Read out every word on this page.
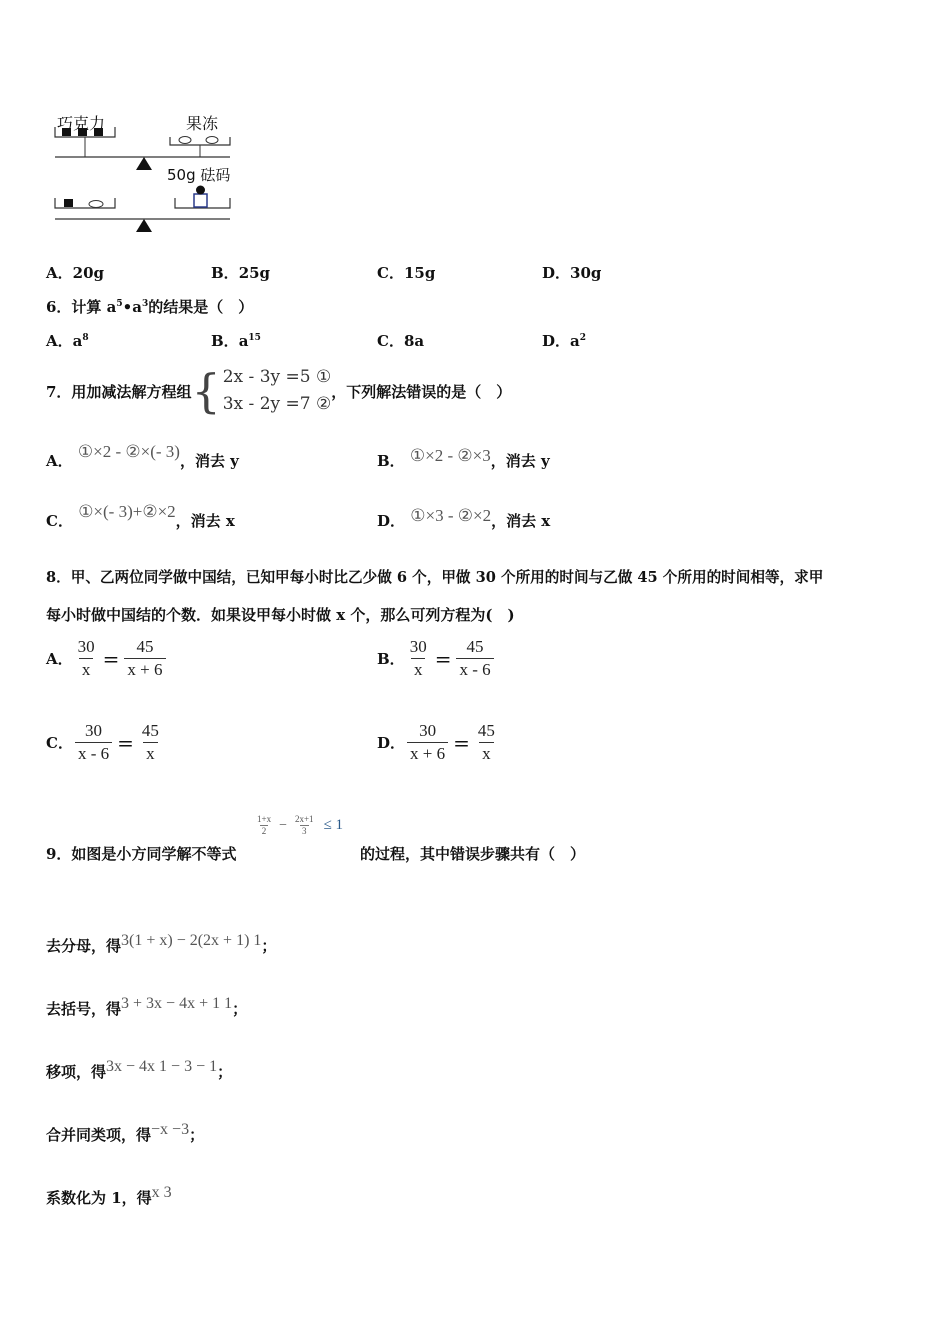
巧克力	果冻
50g 砝码
A．20g	B．25g	C．15g	D．30g
6．计算 $a^5•a^3$的结果是（　）
A．$a^8$	B．$a^{15}$	C．8a	D．$a^2$
7．用加减法解方程组 { 2x - 3y =5 ①
3x - 2y =7 ②
，下列解法错误的是（　）
A． ①×2 - ②×(- 3)，消去 y	B． ①×2 - ②×3，消去 y
C． ①×(- 3)+②×2，消去 x	D． ①×3 - ②×2，消去 x
8．甲、乙两位同学做中国结，已知甲每小时比乙少做 6 个，甲做 30 个所用的时间与乙做 45 个所用的时间相等，求甲
每小时做中国结的个数．如果设甲每小时做 x 个，那么可列方程为(　)
A． $\frac{30}{x} = \frac{45}{x + 6}$	B． $\frac{30}{x} = \frac{45}{x - 6}$
C． $\frac{30}{x - 6} = \frac{45}{x}$	D． $\frac{30}{x + 6} = \frac{45}{x}$
9．如图是小方同学解不等式
$\frac{1+x}{2} - \frac{2x+1}{3} \le 1$
的过程，其中错误步骤共有（　）
去分母，得3(1 + x) − 2(2x + 1) 1；
去括号，得3 + 3x − 4x + 1 1；
移项，得3x − 4x 1 − 3 − 1；
合并同类项，得−x −3；
系数化为 1，得x 3
